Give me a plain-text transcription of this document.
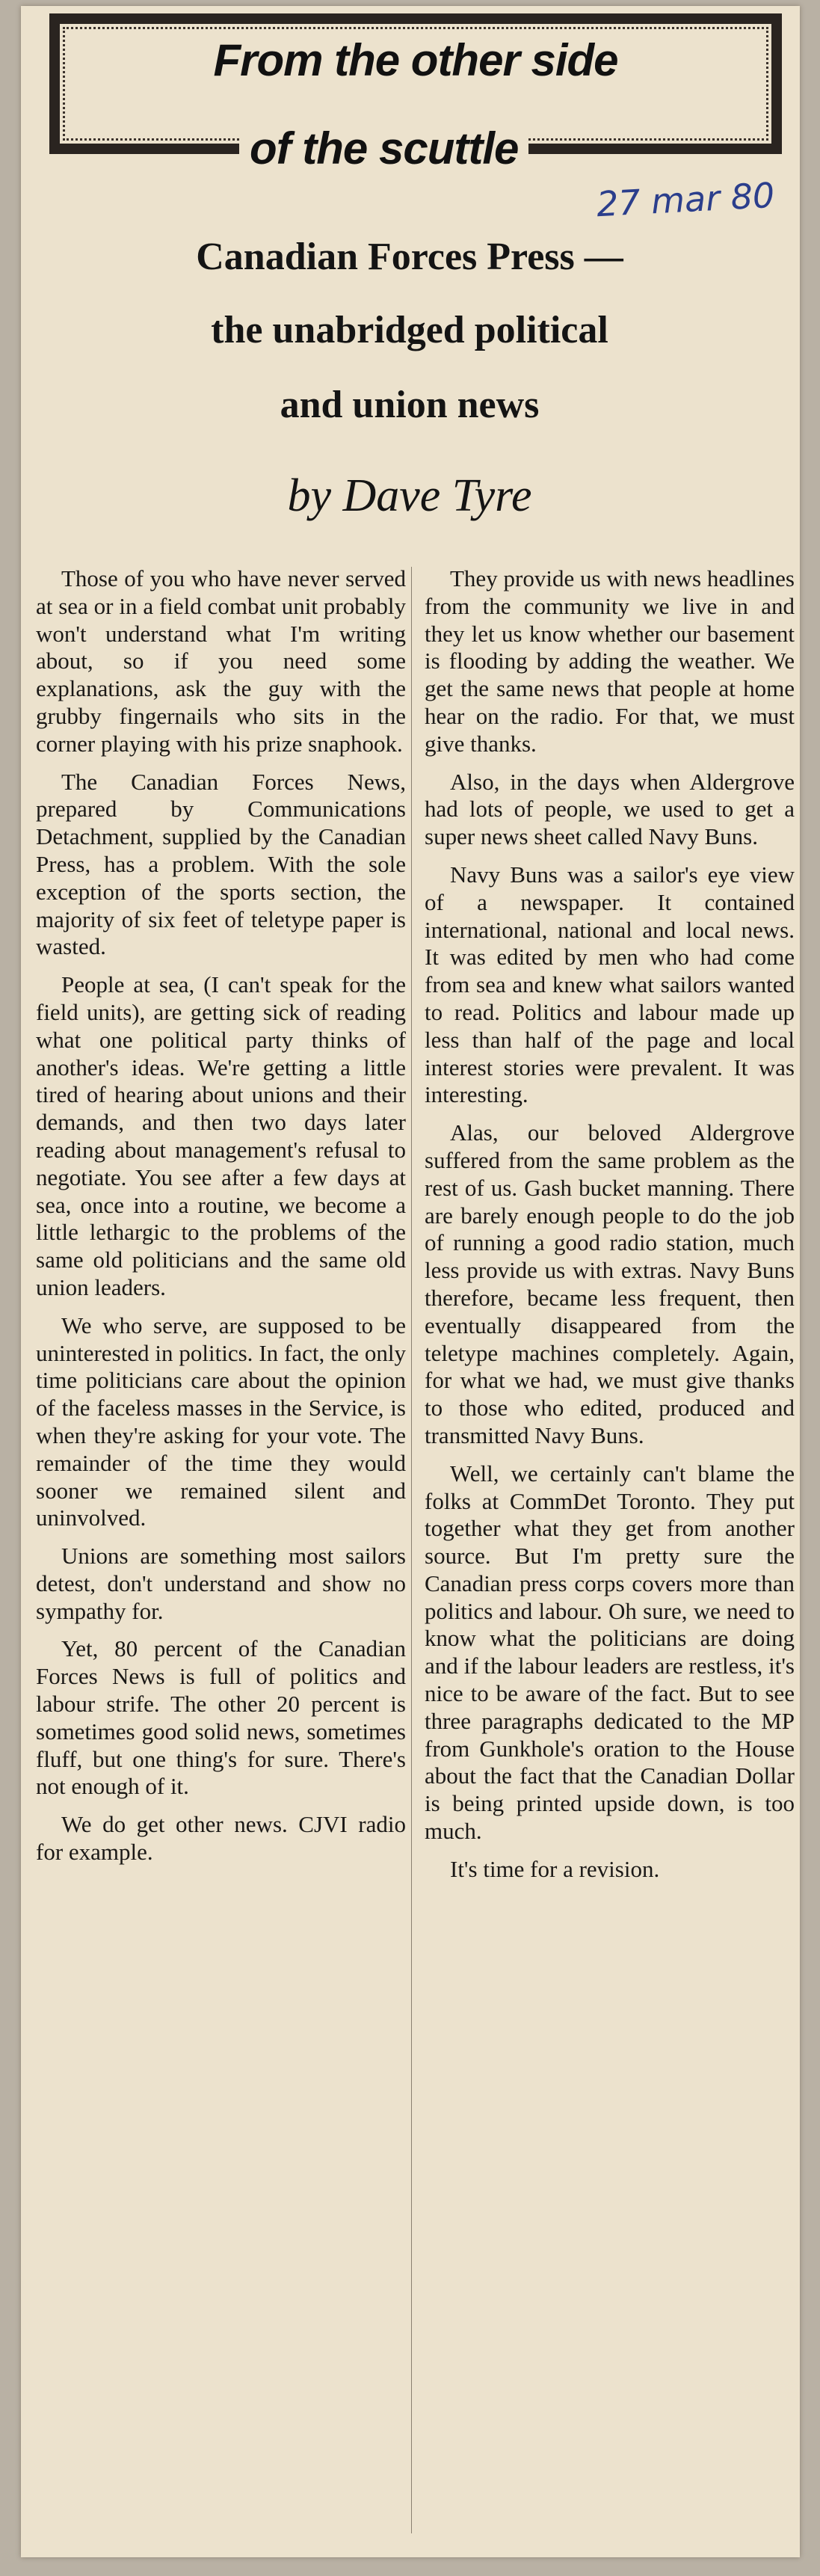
From the other side
of the scuttle
27 mar 80
Canadian Forces Press —
the unabridged political
and union news
by Dave Tyre

Those of you who have never served at sea or in a field combat unit probably won't understand what I'm writing about, so if you need some explanations, ask the guy with the grubby fingernails who sits in the corner playing with his prize snaphook.

The Canadian Forces News, prepared by Communications Detachment, supplied by the Canadian Press, has a problem. With the sole exception of the sports section, the majority of six feet of teletype paper is wasted.

People at sea, (I can't speak for the field units), are getting sick of reading what one political party thinks of another's ideas. We're getting a little tired of hearing about unions and their demands, and then two days later reading about management's refusal to negotiate. You see after a few days at sea, once into a routine, we become a little lethargic to the problems of the same old politicians and the same old union leaders.

We who serve, are supposed to be uninterested in politics. In fact, the only time politicians care about the opinion of the faceless masses in the Service, is when they're asking for your vote. The remainder of the time they would sooner we remained silent and uninvolved.

Unions are something most sailors detest, don't understand and show no sympathy for.

Yet, 80 percent of the Canadian Forces News is full of politics and labour strife. The other 20 percent is sometimes good solid news, sometimes fluff, but one thing's for sure. There's not enough of it.

We do get other news. CJVI radio for example.

They provide us with news headlines from the community we live in and they let us know whether our basement is flooding by adding the weather. We get the same news that people at home hear on the radio. For that, we must give thanks.

Also, in the days when Aldergrove had lots of people, we used to get a super news sheet called Navy Buns.

Navy Buns was a sailor's eye view of a newspaper. It contained international, national and local news. It was edited by men who had come from sea and knew what sailors wanted to read. Politics and labour made up less than half of the page and local interest stories were prevalent. It was interesting.

Alas, our beloved Aldergrove suffered from the same problem as the rest of us. Gash bucket manning. There are barely enough people to do the job of running a good radio station, much less provide us with extras. Navy Buns therefore, became less frequent, then eventually disappeared from the teletype machines completely. Again, for what we had, we must give thanks to those who edited, produced and transmitted Navy Buns.

Well, we certainly can't blame the folks at CommDet Toronto. They put together what they get from another source. But I'm pretty sure the Canadian press corps covers more than politics and labour. Oh sure, we need to know what the politicians are doing and if the labour leaders are restless, it's nice to be aware of the fact. But to see three paragraphs dedicated to the MP from Gunkhole's oration to the House about the fact that the Canadian Dollar is being printed upside down, is too much.

It's time for a revision.
